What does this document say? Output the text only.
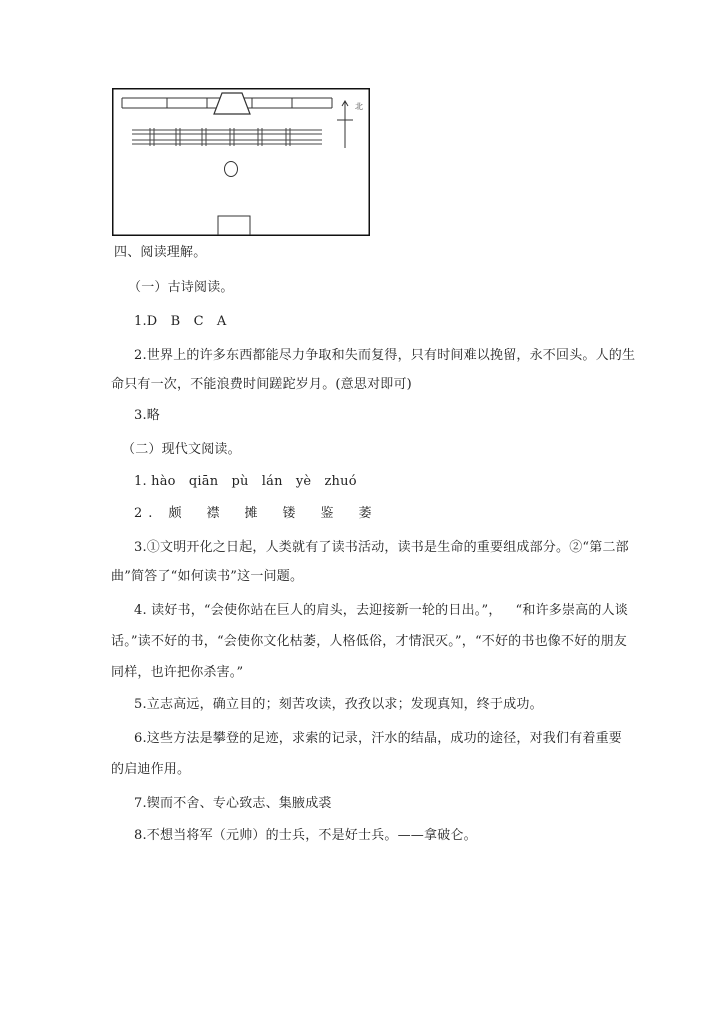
北
四、阅读理解。
（一）古诗阅读。
1.D　B　C　A
2.世界上的许多东西都能尽力争取和失而复得，只有时间难以挽留，永不回头。人的生
命只有一次，不能浪费时间蹉跎岁月。(意思对即可)
3.略
（二）现代文阅读。
1. hào　qiān　pù　lán　yè　zhuó
2. 颇　襟　摊　镂　鉴　萎
3.①文明开化之日起，人类就有了读书活动，读书是生命的重要组成部分。②“第二部
曲”简答了“如何读书”这一问题。
4. 读好书，“会使你站在巨人的肩头，去迎接新一轮的日出。”， “和许多崇高的人谈
话。”读不好的书，“会使你文化枯萎，人格低俗，才情泯灭。”，“不好的书也像不好的朋友
同样，也许把你杀害。”
5.立志高远，确立目的；刻苦攻读，孜孜以求；发现真知，终于成功。
6.这些方法是攀登的足迹，求索的记录，汗水的结晶，成功的途径，对我们有着重要
的启迪作用。
7.锲而不舍、专心致志、集腋成裘
8.不想当将军（元帅）的士兵，不是好士兵。——拿破仑。
